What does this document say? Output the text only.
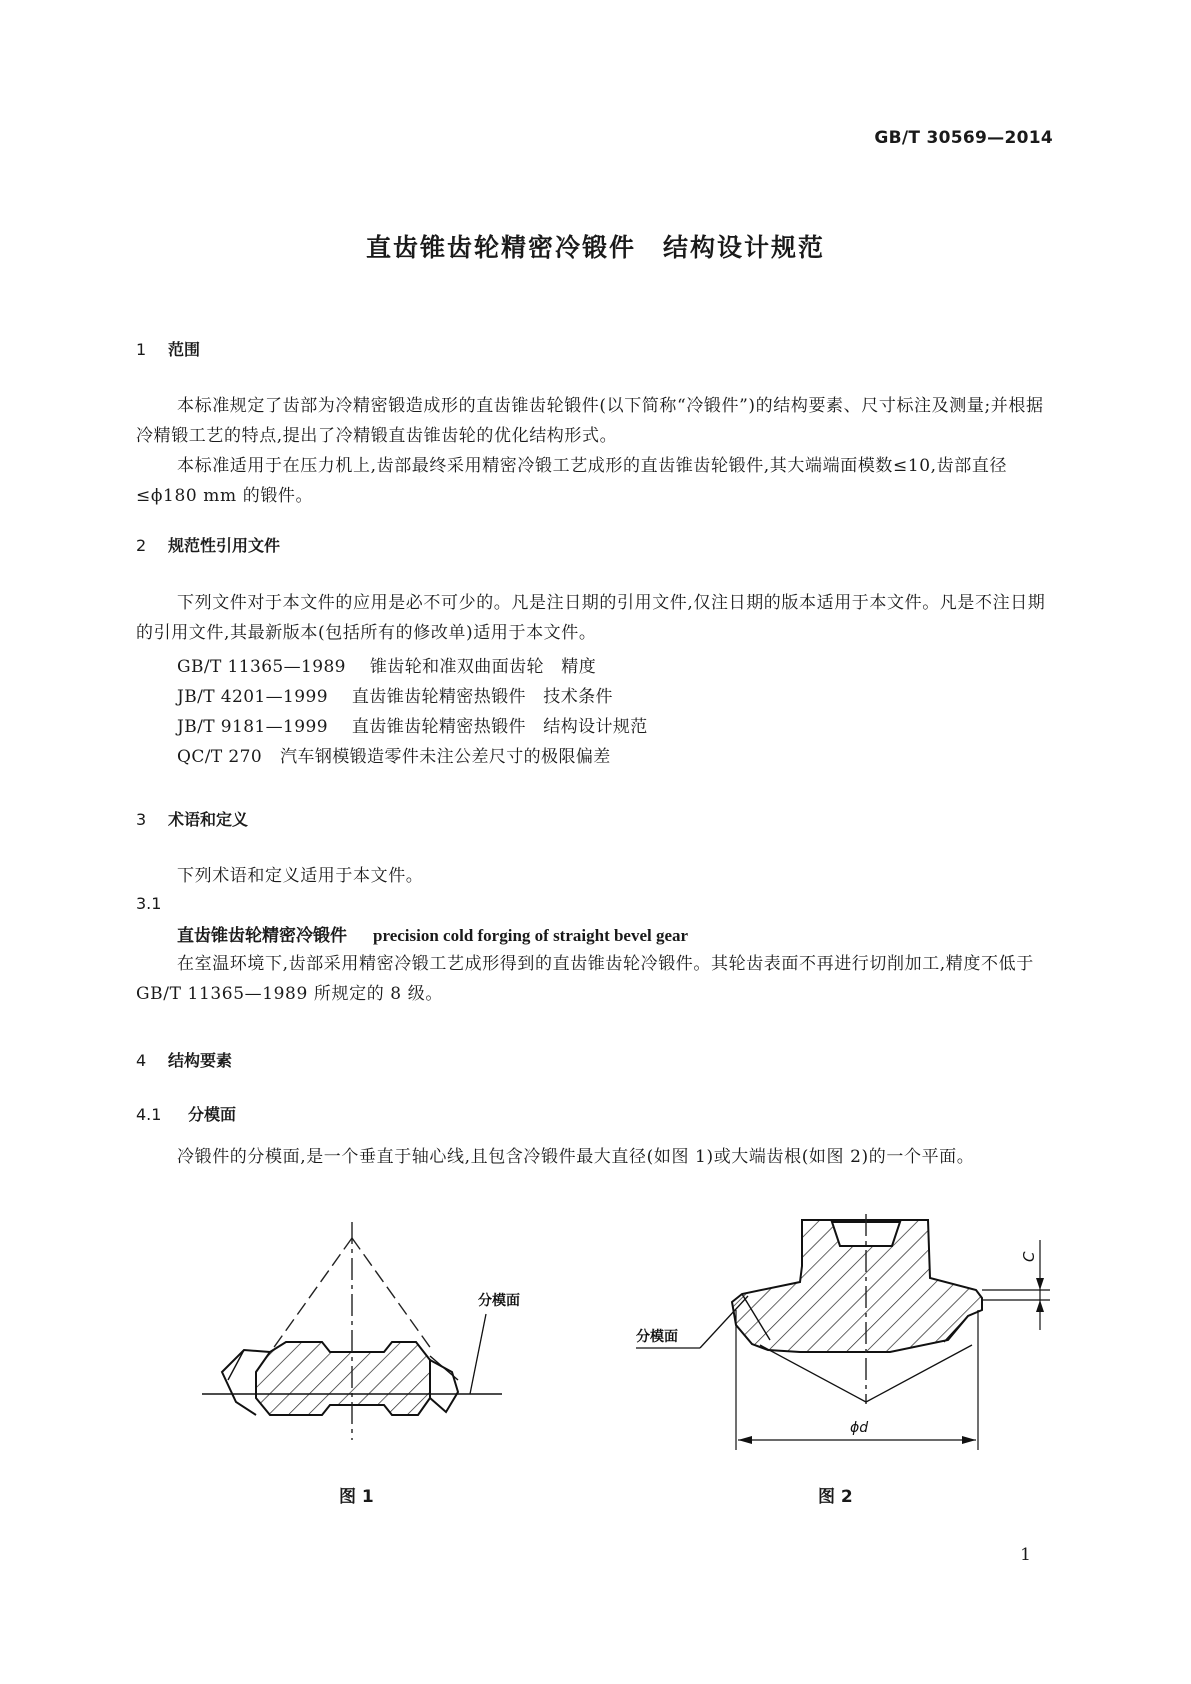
GB/T 30569—2014
直齿锥齿轮精密冷锻件　结构设计规范
1 范围
本标准规定了齿部为冷精密锻造成形的直齿锥齿轮锻件(以下简称“冷锻件”)的结构要素、尺寸标注及测量;并根据冷精锻工艺的特点,提出了冷精锻直齿锥齿轮的优化结构形式。
本标准适用于在压力机上,齿部最终采用精密冷锻工艺成形的直齿锥齿轮锻件,其大端端面模数≤10,齿部直径≤ϕ180 mm 的锻件。
2 规范性引用文件
下列文件对于本文件的应用是必不可少的。凡是注日期的引用文件,仅注日期的版本适用于本文件。凡是不注日期的引用文件,其最新版本(包括所有的修改单)适用于本文件。
GB/T 11365—1989 锥齿轮和准双曲面齿轮　精度
JB/T 4201—1999 直齿锥齿轮精密热锻件　技术条件
JB/T 9181—1999 直齿锥齿轮精密热锻件　结构设计规范
QC/T 270 汽车钢模锻造零件未注公差尺寸的极限偏差
3 术语和定义
下列术语和定义适用于本文件。
3.1
直齿锥齿轮精密冷锻件 precision cold forging of straight bevel gear
在室温环境下,齿部采用精密冷锻工艺成形得到的直齿锥齿轮冷锻件。其轮齿表面不再进行切削加工,精度不低于 GB/T 11365—1989 所规定的 8 级。
4 结构要素
4.1 分模面
冷锻件的分模面,是一个垂直于轴心线,且包含冷锻件最大直径(如图 1)或大端齿根(如图 2)的一个平面。
分模面
图 1
ϕd
C
分模面
图 2
1
